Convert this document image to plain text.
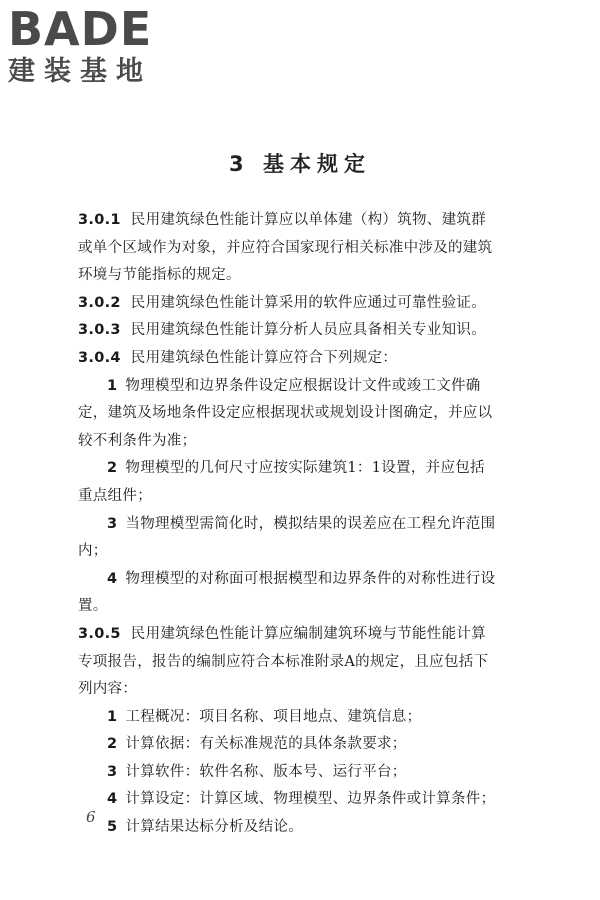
BADE
建装基地
3 基本规定
3.0.1 民用建筑绿色性能计算应以单体建（构）筑物、建筑群或单个区域作为对象，并应符合国家现行相关标准中涉及的建筑环境与节能指标的规定。
3.0.2 民用建筑绿色性能计算采用的软件应通过可靠性验证。
3.0.3 民用建筑绿色性能计算分析人员应具备相关专业知识。
3.0.4 民用建筑绿色性能计算应符合下列规定：
1 物理模型和边界条件设定应根据设计文件或竣工文件确定，建筑及场地条件设定应根据现状或规划设计图确定，并应以较不利条件为准；
2 物理模型的几何尺寸应按实际建筑1：1设置，并应包括重点组件；
3 当物理模型需简化时，模拟结果的误差应在工程允许范围内；
4 物理模型的对称面可根据模型和边界条件的对称性进行设置。
3.0.5 民用建筑绿色性能计算应编制建筑环境与节能性能计算专项报告，报告的编制应符合本标准附录A的规定，且应包括下列内容：
1 工程概况：项目名称、项目地点、建筑信息；
2 计算依据：有关标准规范的具体条款要求；
3 计算软件：软件名称、版本号、运行平台；
4 计算设定：计算区域、物理模型、边界条件或计算条件；
5 计算结果达标分析及结论。
6
